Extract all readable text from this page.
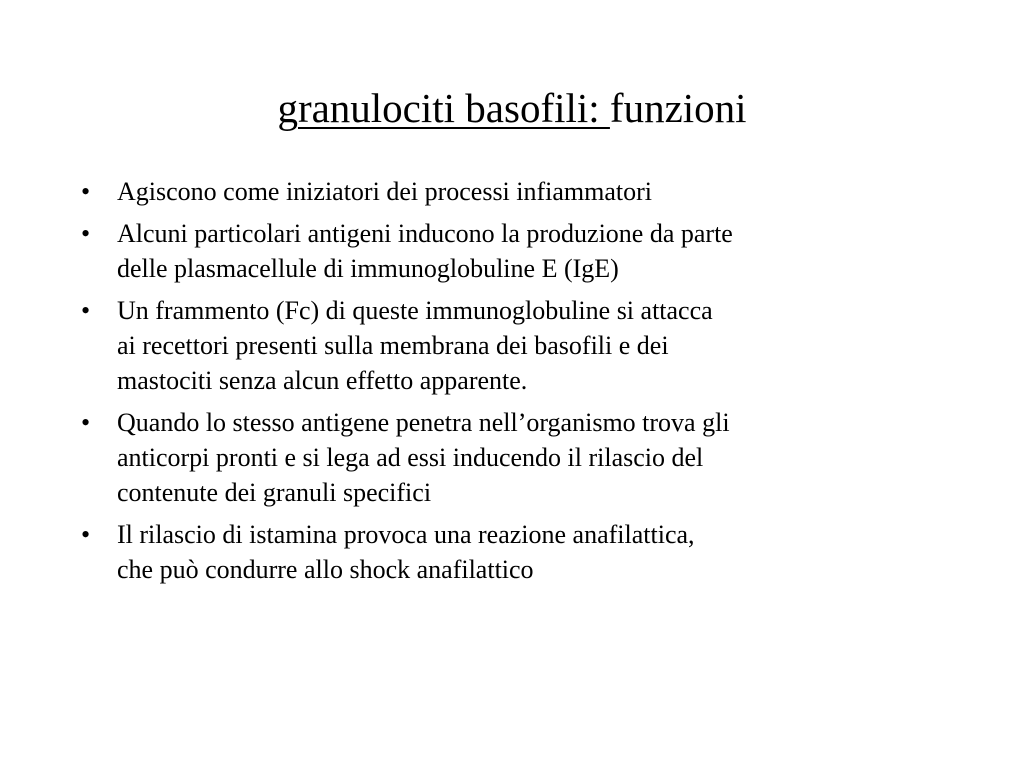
granulociti basofili: funzioni
• Agiscono come iniziatori dei processi infiammatori
• Alcuni particolari antigeni inducono la produzione da parte
delle plasmacellule di immunoglobuline E (IgE)
• Un frammento (Fc) di queste immunoglobuline si attacca
ai recettori presenti sulla membrana dei basofili e dei
mastociti senza alcun effetto apparente.
• Quando lo stesso antigene penetra nell’organismo trova gli
anticorpi pronti e si lega ad essi inducendo il rilascio del
contenute dei granuli specifici
• Il rilascio di istamina provoca una reazione anafilattica,
che può condurre allo shock anafilattico
